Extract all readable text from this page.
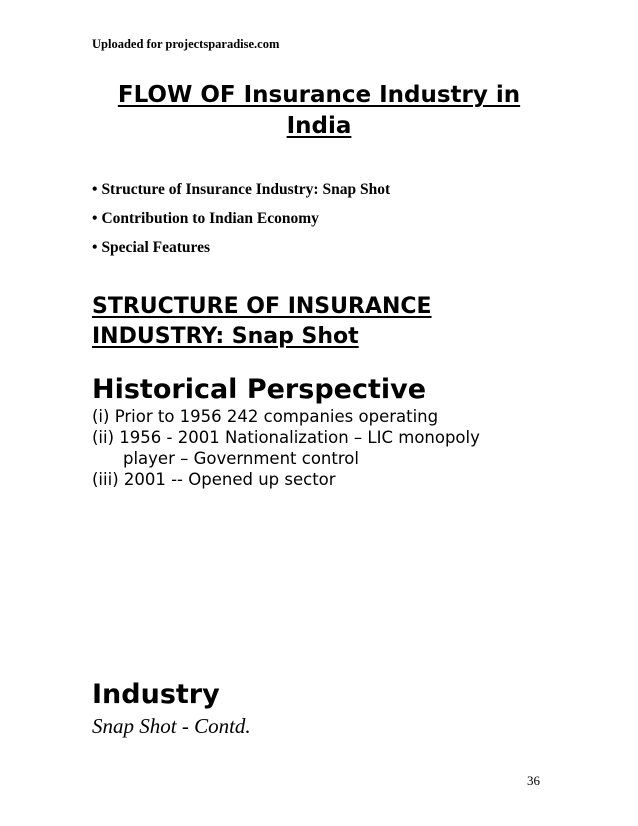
Uploaded for projectsparadise.com
FLOW OF Insurance Industry in
India
• Structure of Insurance Industry: Snap Shot
• Contribution to Indian Economy
• Special Features
STRUCTURE OF INSURANCE
INDUSTRY: Snap Shot
Historical Perspective
(i) Prior to 1956 242 companies operating
(ii) 1956 - 2001 Nationalization – LIC monopoly
player – Government control
(iii) 2001 -- Opened up sector
Industry
Snap Shot - Contd.
36
